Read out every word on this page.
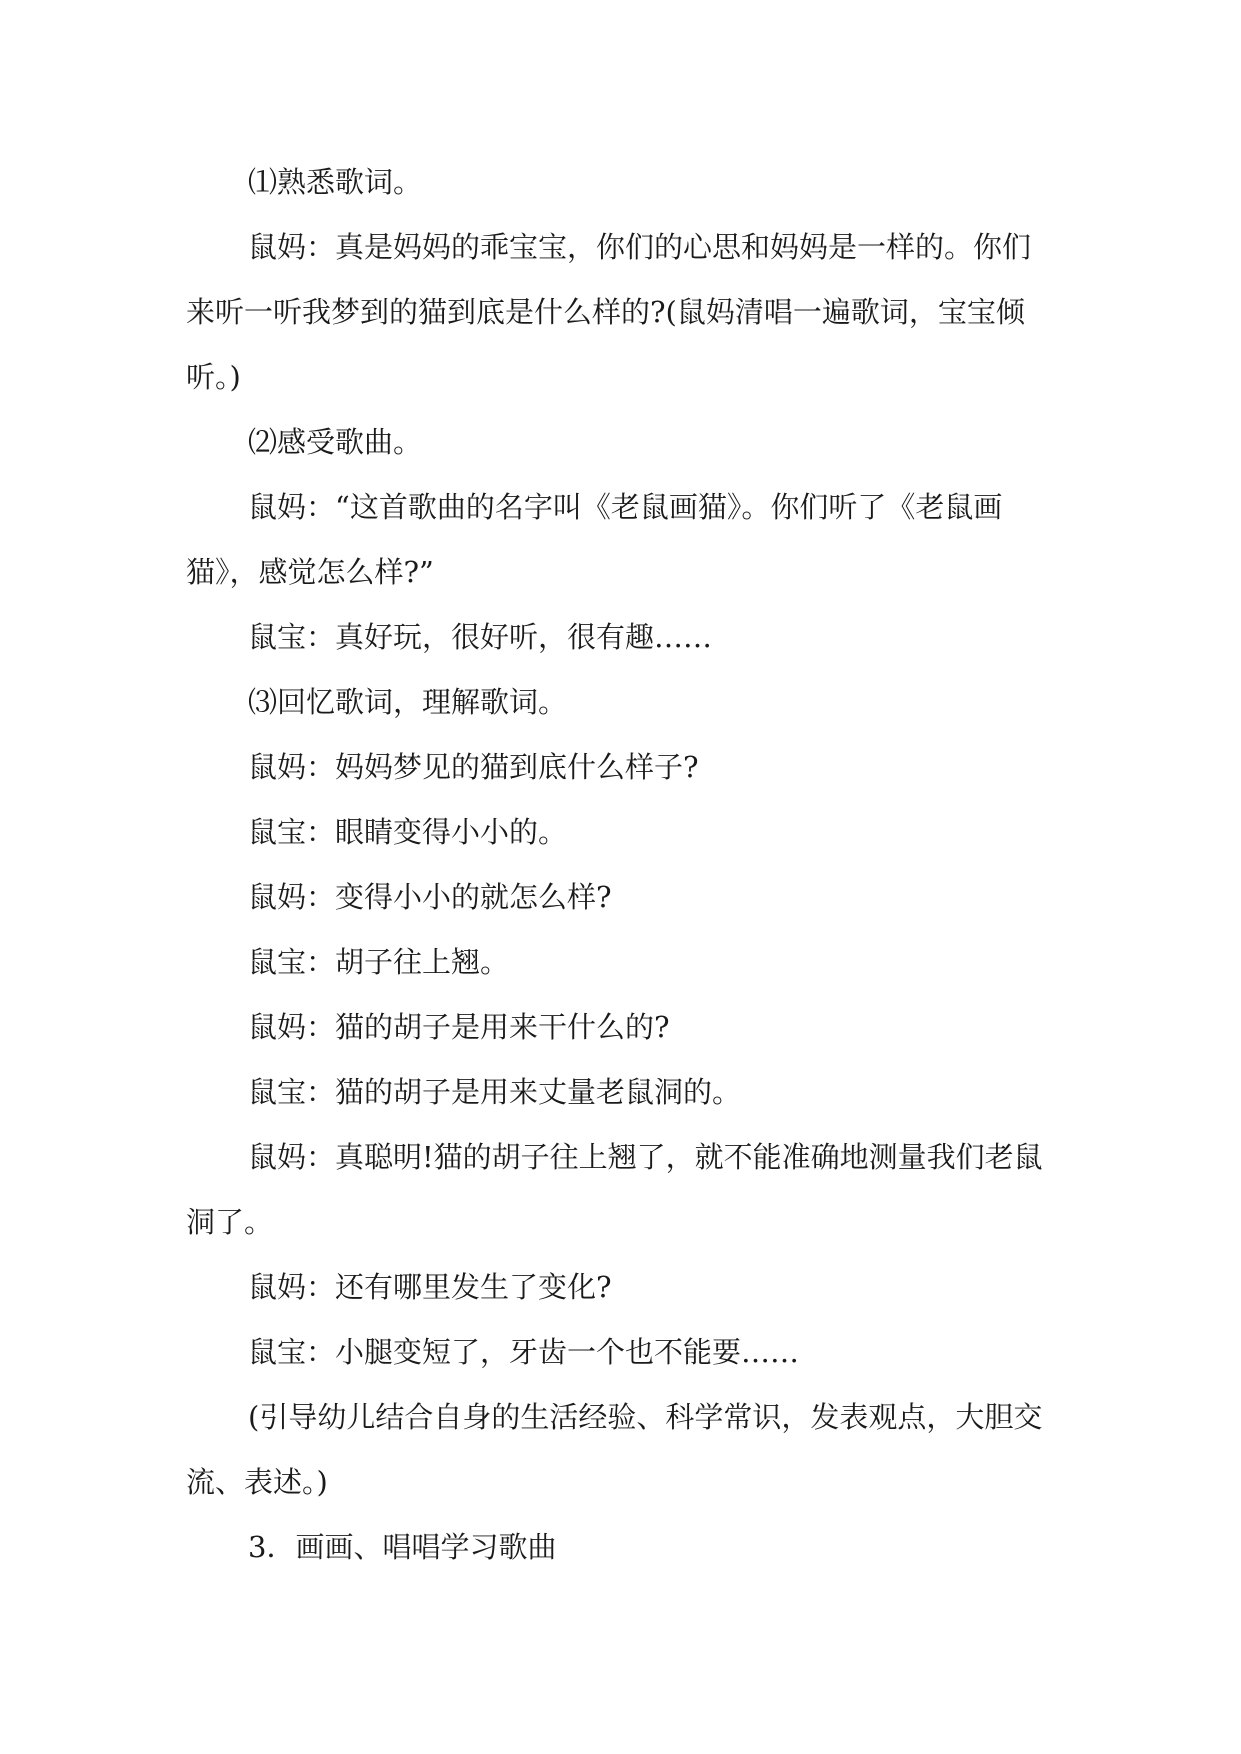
⑴熟悉歌词。

鼠妈：真是妈妈的乖宝宝，你们的心思和妈妈是一样的。你们来听一听我梦到的猫到底是什么样的?(鼠妈清唱一遍歌词，宝宝倾听。)

⑵感受歌曲。

鼠妈：“这首歌曲的名字叫《老鼠画猫》。你们听了《老鼠画猫》，感觉怎么样?”

鼠宝：真好玩，很好听，很有趣……

⑶回忆歌词，理解歌词。

鼠妈：妈妈梦见的猫到底什么样子?

鼠宝：眼睛变得小小的。

鼠妈：变得小小的就怎么样?

鼠宝：胡子往上翘。

鼠妈：猫的胡子是用来干什么的?

鼠宝：猫的胡子是用来丈量老鼠洞的。

鼠妈：真聪明!猫的胡子往上翘了，就不能准确地测量我们老鼠洞了。

鼠妈：还有哪里发生了变化?

鼠宝：小腿变短了，牙齿一个也不能要……

(引导幼儿结合自身的生活经验、科学常识，发表观点，大胆交流、表述。)

3．画画、唱唱学习歌曲
